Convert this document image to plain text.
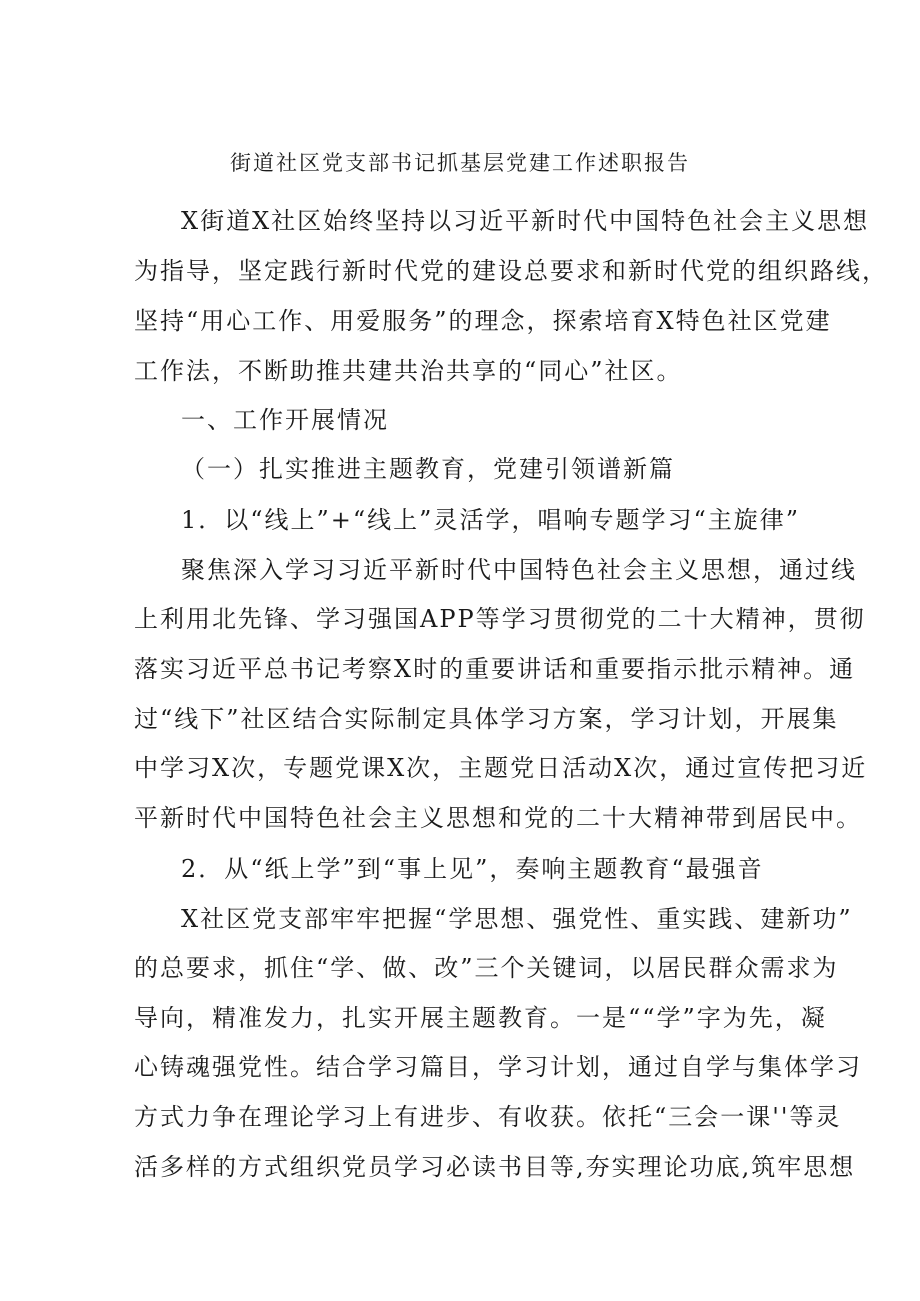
街道社区党支部书记抓基层党建工作述职报告
X街道X社区始终坚持以习近平新时代中国特色社会主义思想
为指导，坚定践行新时代党的建设总要求和新时代党的组织路线，
坚持“用心工作、用爱服务”的理念，探索培育X特色社区党建
工作法，不断助推共建共治共享的“同心”社区。
一、工作开展情况
（一）扎实推进主题教育，党建引领谱新篇
1．以“线上”+“线上”灵活学，唱响专题学习“主旋律”
聚焦深入学习习近平新时代中国特色社会主义思想，通过线
上利用北先锋、学习强国APP等学习贯彻党的二十大精神，贯彻
落实习近平总书记考察X时的重要讲话和重要指示批示精神。通
过“线下”社区结合实际制定具体学习方案，学习计划，开展集
中学习X次，专题党课X次，主题党日活动X次，通过宣传把习近
平新时代中国特色社会主义思想和党的二十大精神带到居民中。
2．从“纸上学”到“事上见”，奏响主题教育“最强音
X社区党支部牢牢把握“学思想、强党性、重实践、建新功”
的总要求，抓住“学、做、改”三个关键词，以居民群众需求为
导向，精准发力，扎实开展主题教育。一是““学”字为先，凝
心铸魂强党性。结合学习篇目，学习计划，通过自学与集体学习
方式力争在理论学习上有进步、有收获。依托“三会一课''等灵
活多样的方式组织党员学习必读书目等,夯实理论功底,筑牢思想
